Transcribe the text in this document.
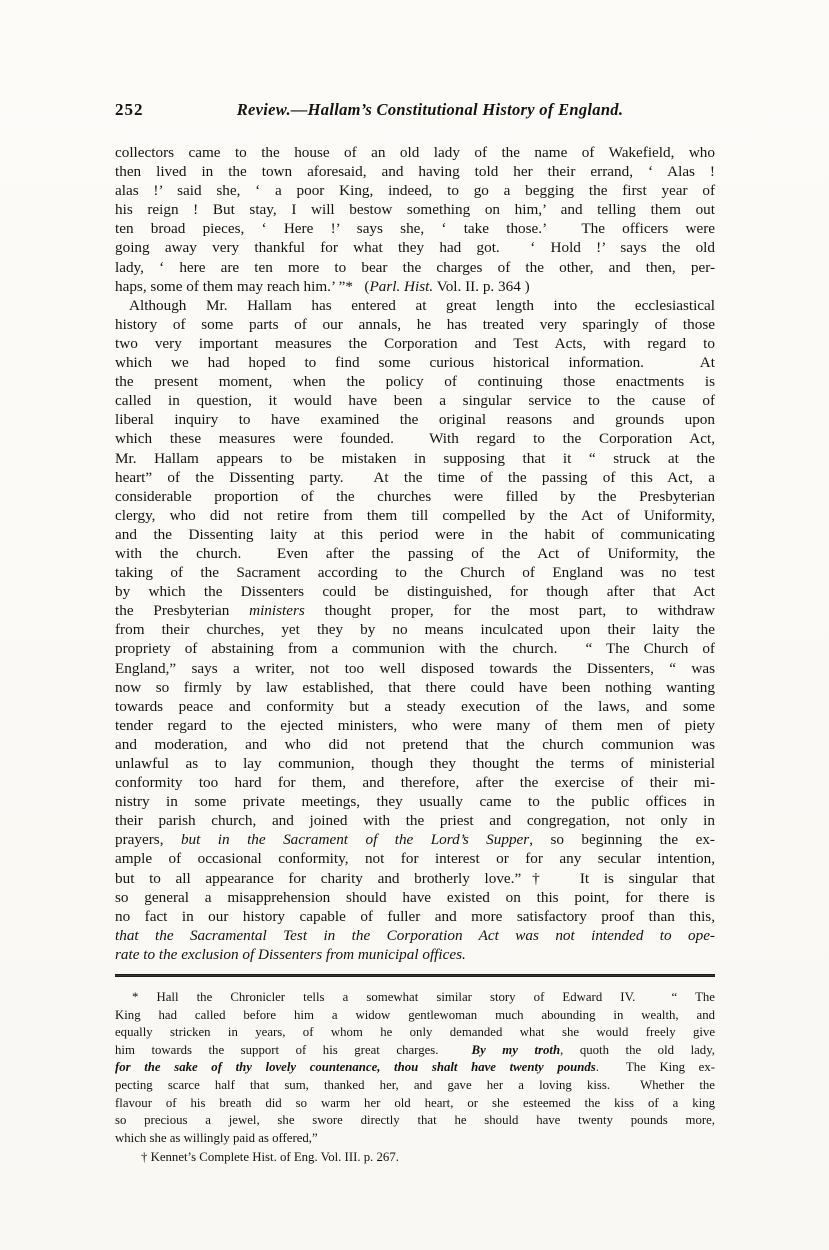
252	Review.—Hallam’s Constitutional History of England.
collectors came to the house of an old lady of the name of Wakefield, who
then lived in the town aforesaid, and having told her their errand, ‘ Alas !
alas !’ said she, ‘ a poor King, indeed, to go a begging the first year of
his reign ! But stay, I will bestow something on him,’ and telling them out
ten broad pieces, ‘ Here !’ says she, ‘ take those.’  The officers were
going away very thankful for what they had got.  ‘ Hold !’ says the old
lady, ‘ here are ten more to bear the charges of the other, and then, per-
haps, some of them may reach him.’ ”*   (Parl. Hist. Vol. II. p. 364 )
Although Mr. Hallam has entered at great length into the ecclesiastical
history of some parts of our annals, he has treated very sparingly of those
two very important measures the Corporation and Test Acts, with regard to
which we had hoped to find some curious historical information.   At
the present moment, when the policy of continuing those enactments is
called in question, it would have been a singular service to the cause of
liberal inquiry to have examined the original reasons and grounds upon
which these measures were founded.  With regard to the Corporation Act,
Mr. Hallam appears to be mistaken in supposing that it “ struck at the
heart” of the Dissenting party.  At the time of the passing of this Act, a
considerable proportion of the churches were filled by the Presbyterian
clergy, who did not retire from them till compelled by the Act of Uniformity,
and the Dissenting laity at this period were in the habit of communicating
with the church.  Even after the passing of the Act of Uniformity, the
taking of the Sacrament according to the Church of England was no test
by which the Dissenters could be distinguished, for though after that Act
the Presbyterian ministers thought proper, for the most part, to withdraw
from their churches, yet they by no means inculcated upon their laity the
propriety of abstaining from a communion with the church.  “ The Church of
England,” says a writer, not too well disposed towards the Dissenters, “ was
now so firmly by law established, that there could have been nothing wanting
towards peace and conformity but a steady execution of the laws, and some
tender regard to the ejected ministers, who were many of them men of piety
and moderation, and who did not pretend that the church communion was
unlawful as to lay communion, though they thought the terms of ministerial
conformity too hard for them, and therefore, after the exercise of their mi-
nistry in some private meetings, they usually came to the public offices in
their parish church, and joined with the priest and congregation, not only in
prayers, but in the Sacrament of the Lord’s Supper, so beginning the ex-
ample of occasional conformity, not for interest or for any secular intention,
but to all appearance for charity and brotherly love.”†  It is singular that
so general a misapprehension should have existed on this point, for there is
no fact in our history capable of fuller and more satisfactory proof than this,
that the Sacramental Test in the Corporation Act was not intended to ope-
rate to the exclusion of Dissenters from municipal offices.
* Hall the Chronicler tells a somewhat similar story of Edward IV.  “ The
King had called before him a widow gentlewoman much abounding in wealth, and
equally stricken in years, of whom he only demanded what she would freely give
him towards the support of his great charges.  By my troth, quoth the old lady,
for the sake of thy lovely countenance, thou shalt have twenty pounds.  The King ex-
pecting scarce half that sum, thanked her, and gave her a loving kiss.  Whether the
flavour of his breath did so warm her old heart, or she esteemed the kiss of a king
so precious a jewel, she swore directly that he should have twenty pounds more,
which she as willingly paid as offered,”
† Kennet’s Complete Hist. of Eng. Vol. III. p. 267.
